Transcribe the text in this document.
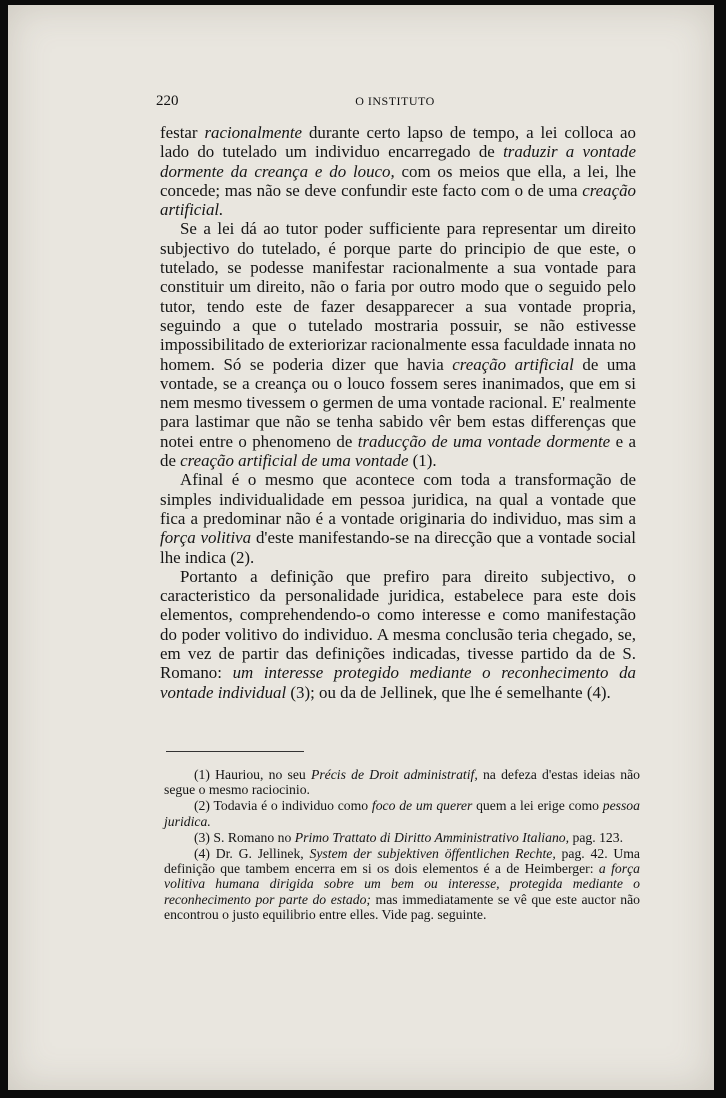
220	O INSTITUTO

festar racionalmente durante certo lapso de tempo, a lei colloca ao lado do tutelado um individuo encarregado de traduzir a vontade dormente da creança e do louco, com os meios que ella, a lei, lhe concede; mas não se deve confundir este facto com o de uma creação artificial.

Se a lei dá ao tutor poder sufficiente para representar um direito subjectivo do tutelado, é porque parte do principio de que este, o tutelado, se podesse manifestar racionalmente a sua vontade para constituir um direito, não o faria por outro modo que o seguido pelo tutor, tendo este de fazer desapparecer a sua vontade propria, seguindo a que o tutelado mostraria possuir, se não estivesse impossibilitado de exteriorizar racionalmente essa faculdade innata no homem. Só se poderia dizer que havia creação artificial de uma vontade, se a creança ou o louco fossem seres inanimados, que em si nem mesmo tivessem o germen de uma vontade racional. E' realmente para lastimar que não se tenha sabido vêr bem estas differenças que notei entre o phenomeno de traducção de uma vontade dormente e a de creação artificial de uma vontade (1).

Afinal é o mesmo que acontece com toda a transformação de simples individualidade em pessoa juridica, na qual a vontade que fica a predominar não é a vontade originaria do individuo, mas sim a força volitiva d'este manifestando-se na direcção que a vontade social lhe indica (2).

Portanto a definição que prefiro para direito subjectivo, o caracteristico da personalidade juridica, estabelece para este dois elementos, comprehendendo-o como interesse e como manifestação do poder volitivo do individuo. A mesma conclusão teria chegado, se, em vez de partir das definições indicadas, tivesse partido da de S. Romano: um interesse protegido mediante o reconhecimento da vontade individual (3); ou da de Jellinek, que lhe é semelhante (4).

(1) Hauriou, no seu Précis de Droit administratif, na defeza d'estas ideias não segue o mesmo raciocinio.

(2) Todavia é o individuo como foco de um querer quem a lei erige como pessoa juridica.

(3) S. Romano no Primo Trattato di Diritto Amministrativo Italiano, pag. 123.

(4) Dr. G. Jellinek, System der subjektiven öffentlichen Rechte, pag. 42. Uma definição que tambem encerra em si os dois elementos é a de Heimberger: a força volitiva humana dirigida sobre um bem ou interesse, protegida mediante o reconhecimento por parte do estado; mas immediatamente se vê que este auctor não encontrou o justo equilibrio entre elles. Vide pag. seguinte.
